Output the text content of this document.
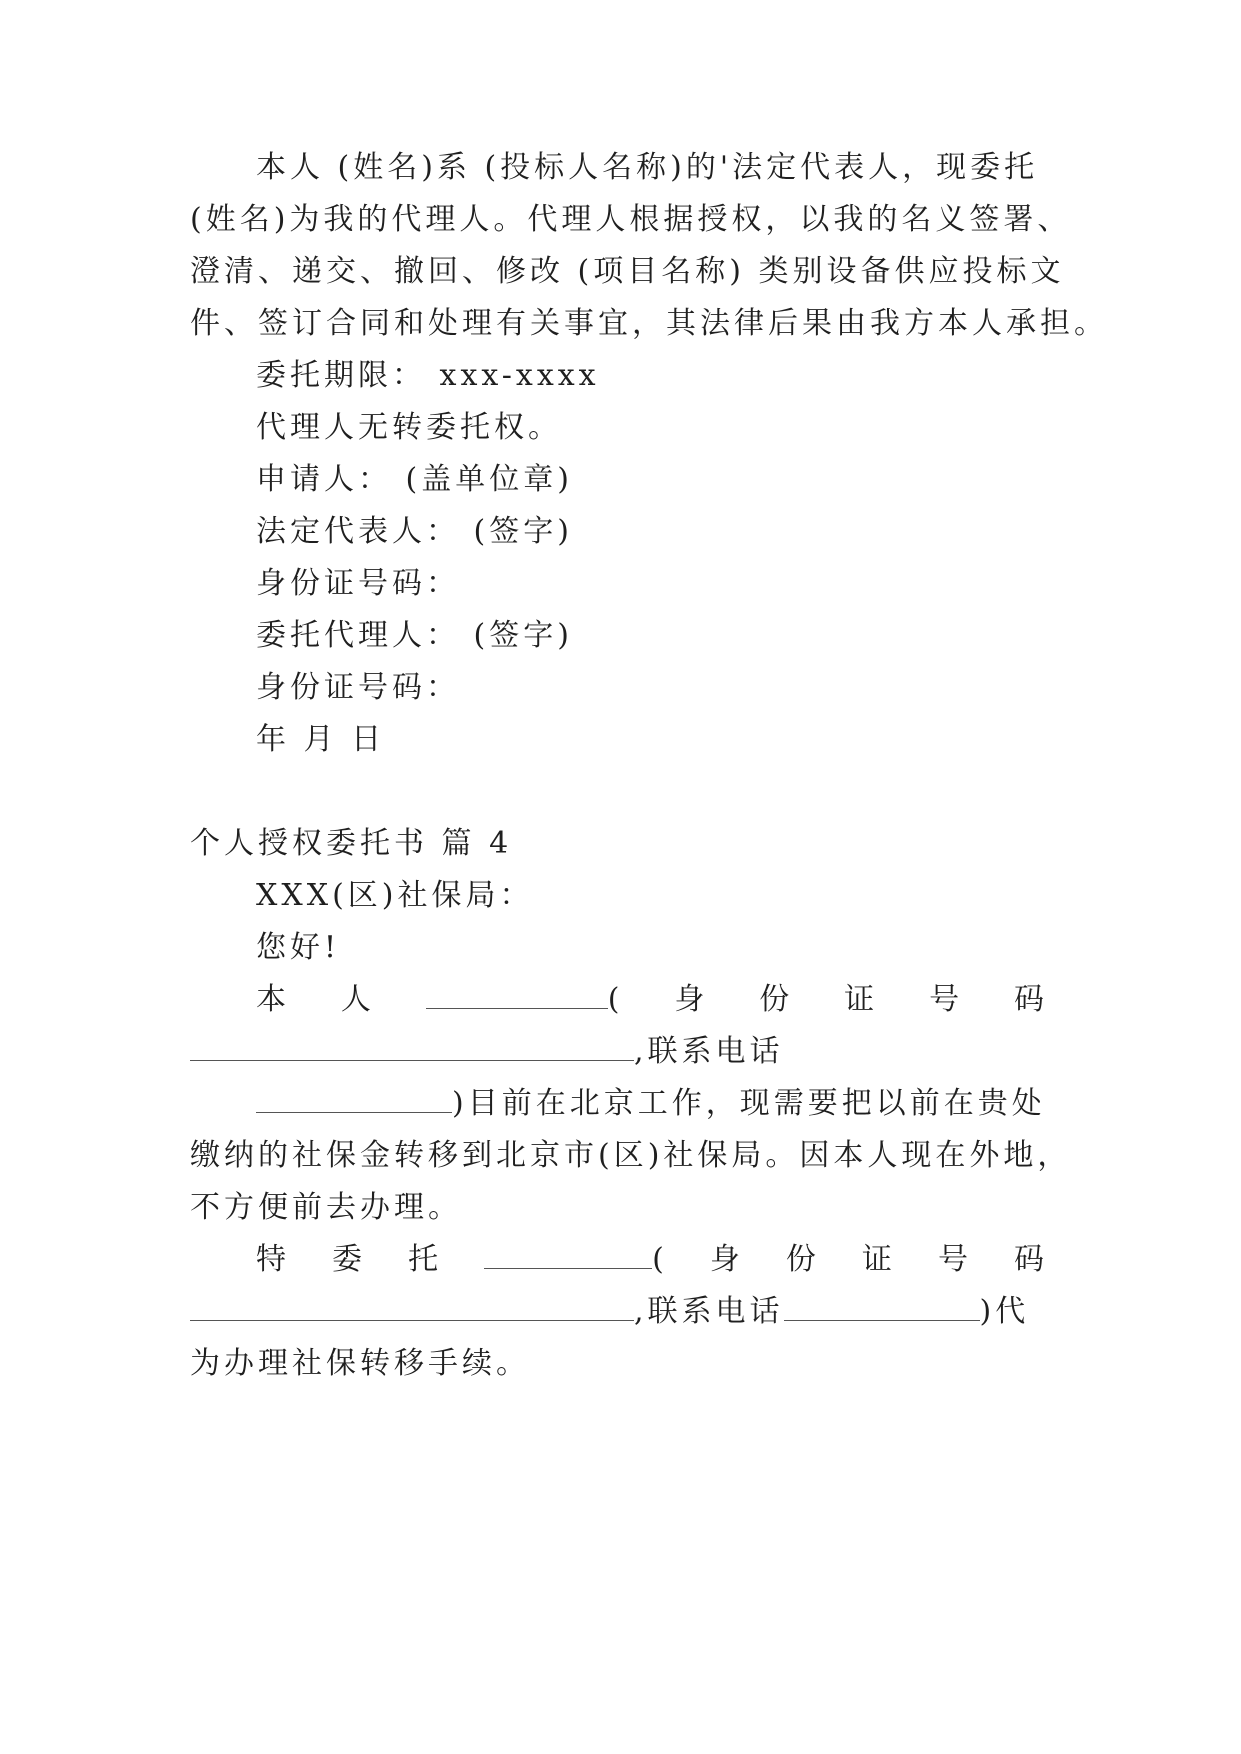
本人 (姓名)系 (投标人名称)的'法定代表人，现委托
(姓名)为我的代理人。代理人根据授权，以我的名义签署、
澄清、递交、撤回、修改 (项目名称) 类别设备供应投标文
件、签订合同和处理有关事宜，其法律后果由我方本人承担。
委托期限： xxx-xxxx
代理人无转委托权。
申请人： (盖单位章)
法定代表人： (签字)
身份证号码：
委托代理人： (签字)
身份证号码：
年 月 日
个人授权委托书 篇 4
XXX(区)社保局：
您好!
本 人	( 身 份 证 号 码
,联系电话
)目前在北京工作，现需要把以前在贵处
缴纳的社保金转移到北京市(区)社保局。因本人现在外地，
不方便前去办理。
特 委 托	( 身 份 证 号 码
,联系电话	)代
为办理社保转移手续。
